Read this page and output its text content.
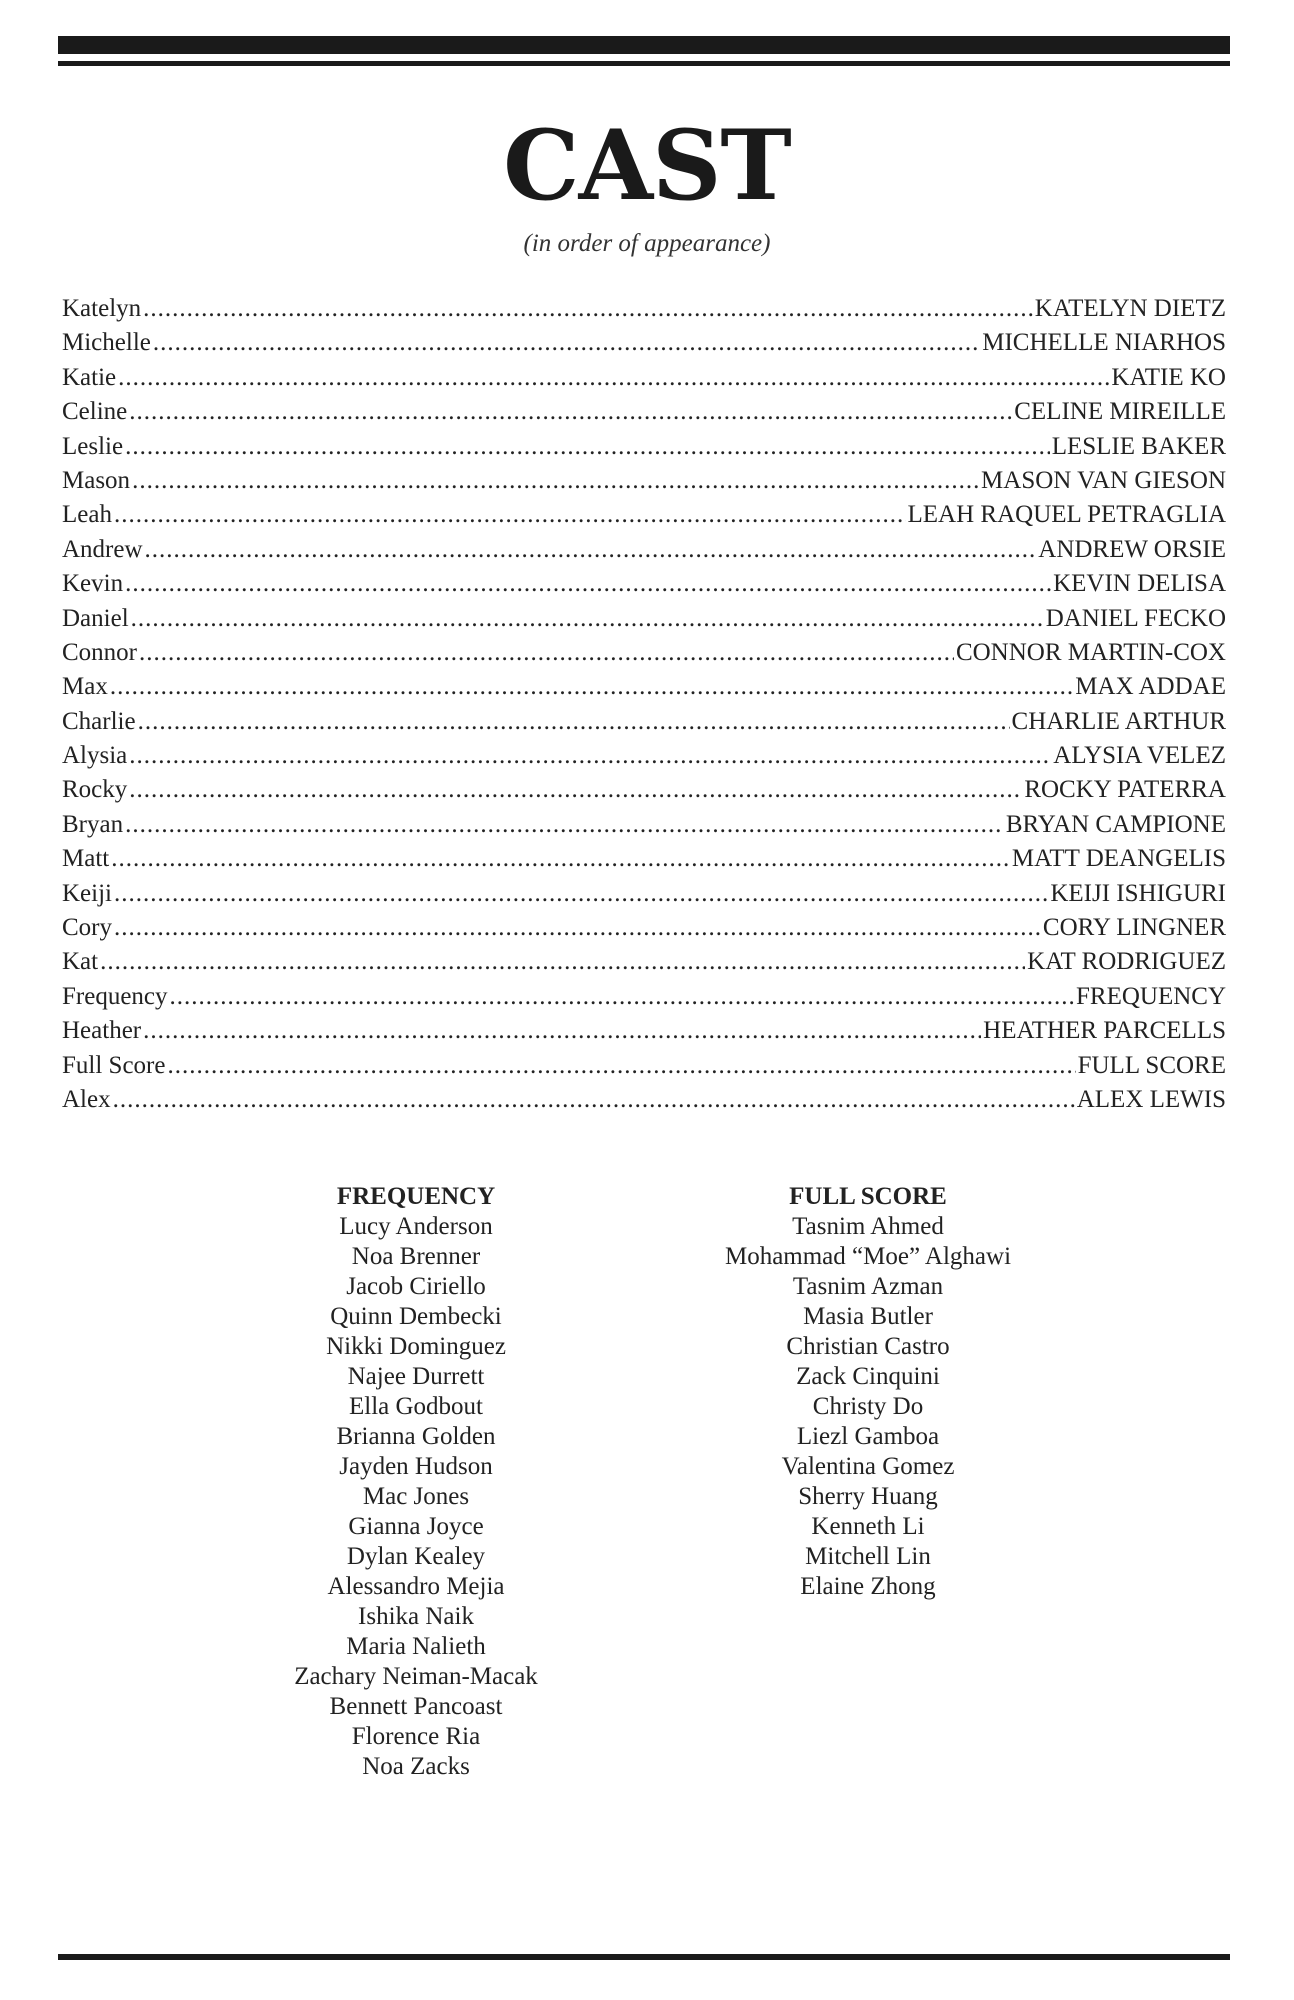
CAST
(in order of appearance)
Katelyn .....	KATELYN DIETZ
Michelle .....	MICHELLE NIARHOS
Katie .....	KATIE KO
Celine .....	CELINE MIREILLE
Leslie .....	LESLIE BAKER
Mason .....	MASON VAN GIESON
Leah .....	LEAH RAQUEL PETRAGLIA
Andrew .....	ANDREW ORSIE
Kevin .....	KEVIN DELISA
Daniel .....	DANIEL FECKO
Connor .....	CONNOR MARTIN-COX
Max .....	MAX ADDAE
Charlie .....	CHARLIE ARTHUR
Alysia .....	ALYSIA VELEZ
Rocky .....	ROCKY PATERRA
Bryan .....	BRYAN CAMPIONE
Matt .....	MATT DEANGELIS
Keiji .....	KEIJI ISHIGURI
Cory .....	CORY LINGNER
Kat .....	KAT RODRIGUEZ
Frequency .....	FREQUENCY
Heather .....	HEATHER PARCELLS
Full Score .....	FULL SCORE
Alex .....	ALEX LEWIS
FREQUENCY
Lucy Anderson
Noa Brenner
Jacob Ciriello
Quinn Dembecki
Nikki Dominguez
Najee Durrett
Ella Godbout
Brianna Golden
Jayden Hudson
Mac Jones
Gianna Joyce
Dylan Kealey
Alessandro Mejia
Ishika Naik
Maria Nalieth
Zachary Neiman-Macak
Bennett Pancoast
Florence Ria
Noa Zacks
FULL SCORE
Tasnim Ahmed
Mohammad “Moe” Alghawi
Tasnim Azman
Masia Butler
Christian Castro
Zack Cinquini
Christy Do
Liezl Gamboa
Valentina Gomez
Sherry Huang
Kenneth Li
Mitchell Lin
Elaine Zhong
